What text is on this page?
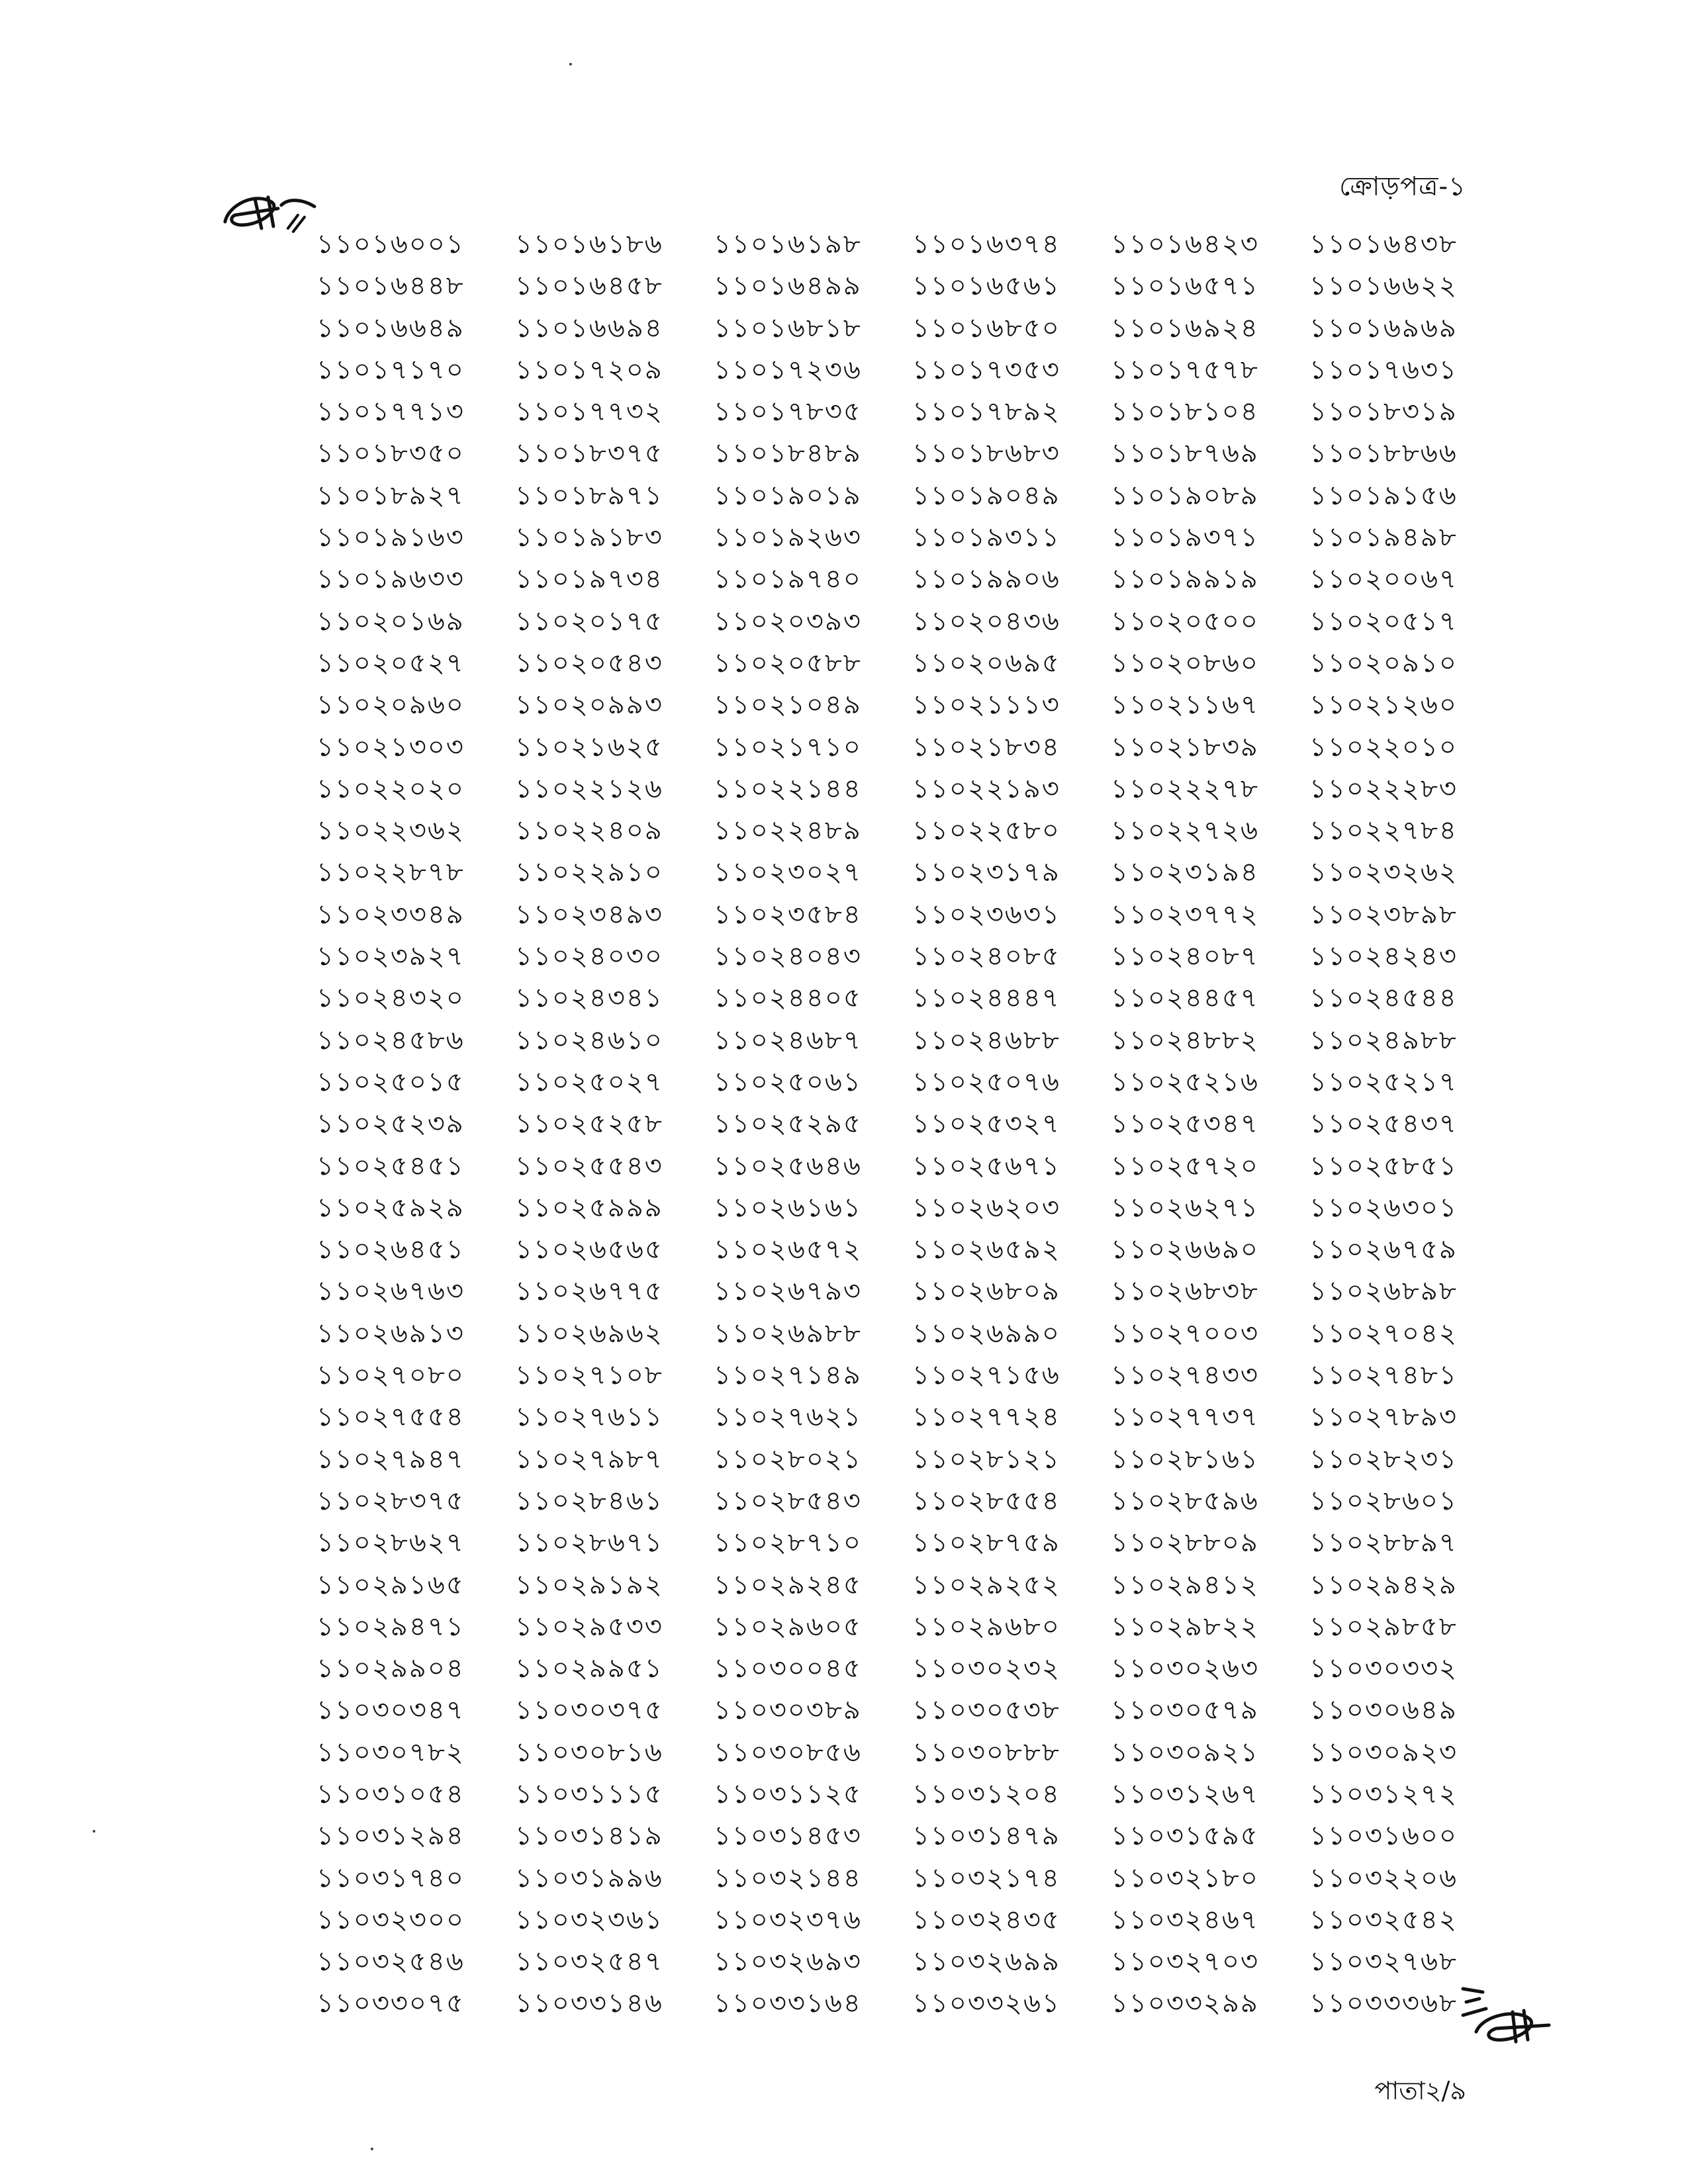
ক্রোড়পত্র-১
১১০১৬০০১	১১০১৬১৮৬	১১০১৬১৯৮	১১০১৬৩৭৪	১১০১৬৪২৩	১১০১৬৪৩৮
১১০১৬৪৪৮	১১০১৬৪৫৮	১১০১৬৪৯৯	১১০১৬৫৬১	১১০১৬৫৭১	১১০১৬৬২২
১১০১৬৬৪৯	১১০১৬৬৯৪	১১০১৬৮১৮	১১০১৬৮৫০	১১০১৬৯২৪	১১০১৬৯৬৯
১১০১৭১৭০	১১০১৭২০৯	১১০১৭২৩৬	১১০১৭৩৫৩	১১০১৭৫৭৮	১১০১৭৬৩১
১১০১৭৭১৩	১১০১৭৭৩২	১১০১৭৮৩৫	১১০১৭৮৯২	১১০১৮১০৪	১১০১৮৩১৯
১১০১৮৩৫০	১১০১৮৩৭৫	১১০১৮৪৮৯	১১০১৮৬৮৩	১১০১৮৭৬৯	১১০১৮৮৬৬
১১০১৮৯২৭	১১০১৮৯৭১	১১০১৯০১৯	১১০১৯০৪৯	১১০১৯০৮৯	১১০১৯১৫৬
১১০১৯১৬৩	১১০১৯১৮৩	১১০১৯২৬৩	১১০১৯৩১১	১১০১৯৩৭১	১১০১৯৪৯৮
১১০১৯৬৩৩	১১০১৯৭৩৪	১১০১৯৭৪০	১১০১৯৯০৬	১১০১৯৯১৯	১১০২০০৬৭
১১০২০১৬৯	১১০২০১৭৫	১১০২০৩৯৩	১১০২০৪৩৬	১১০২০৫০০	১১০২০৫১৭
১১০২০৫২৭	১১০২০৫৪৩	১১০২০৫৮৮	১১০২০৬৯৫	১১০২০৮৬০	১১০২০৯১০
১১০২০৯৬০	১১০২০৯৯৩	১১০২১০৪৯	১১০২১১১৩	১১০২১১৬৭	১১০২১২৬০
১১০২১৩০৩	১১০২১৬২৫	১১০২১৭১০	১১০২১৮৩৪	১১০২১৮৩৯	১১০২২০১০
১১০২২০২০	১১০২২১২৬	১১০২২১৪৪	১১০২২১৯৩	১১০২২২৭৮	১১০২২২৮৩
১১০২২৩৬২	১১০২২৪০৯	১১০২২৪৮৯	১১০২২৫৮০	১১০২২৭২৬	১১০২২৭৮৪
১১০২২৮৭৮	১১০২২৯১০	১১০২৩০২৭	১১০২৩১৭৯	১১০২৩১৯৪	১১০২৩২৬২
১১০২৩৩৪৯	১১০২৩৪৯৩	১১০২৩৫৮৪	১১০২৩৬৩১	১১০২৩৭৭২	১১০২৩৮৯৮
১১০২৩৯২৭	১১০২৪০৩০	১১০২৪০৪৩	১১০২৪০৮৫	১১০২৪০৮৭	১১০২৪২৪৩
১১০২৪৩২০	১১০২৪৩৪১	১১০২৪৪০৫	১১০২৪৪৪৭	১১০২৪৪৫৭	১১০২৪৫৪৪
১১০২৪৫৮৬	১১০২৪৬১০	১১০২৪৬৮৭	১১০২৪৬৮৮	১১০২৪৮৮২	১১০২৪৯৮৮
১১০২৫০১৫	১১০২৫০২৭	১১০২৫০৬১	১১০২৫০৭৬	১১০২৫২১৬	১১০২৫২১৭
১১০২৫২৩৯	১১০২৫২৫৮	১১০২৫২৯৫	১১০২৫৩২৭	১১০২৫৩৪৭	১১০২৫৪৩৭
১১০২৫৪৫১	১১০২৫৫৪৩	১১০২৫৬৪৬	১১০২৫৬৭১	১১০২৫৭২০	১১০২৫৮৫১
১১০২৫৯২৯	১১০২৫৯৯৯	১১০২৬১৬১	১১০২৬২০৩	১১০২৬২৭১	১১০২৬৩০১
১১০২৬৪৫১	১১০২৬৫৬৫	১১০২৬৫৭২	১১০২৬৫৯২	১১০২৬৬৯০	১১০২৬৭৫৯
১১০২৬৭৬৩	১১০২৬৭৭৫	১১০২৬৭৯৩	১১০২৬৮০৯	১১০২৬৮৩৮	১১০২৬৮৯৮
১১০২৬৯১৩	১১০২৬৯৬২	১১০২৬৯৮৮	১১০২৬৯৯০	১১০২৭০০৩	১১০২৭০৪২
১১০২৭০৮০	১১০২৭১০৮	১১০২৭১৪৯	১১০২৭১৫৬	১১০২৭৪৩৩	১১০২৭৪৮১
১১০২৭৫৫৪	১১০২৭৬১১	১১০২৭৬২১	১১০২৭৭২৪	১১০২৭৭৩৭	১১০২৭৮৯৩
১১০২৭৯৪৭	১১০২৭৯৮৭	১১০২৮০২১	১১০২৮১২১	১১০২৮১৬১	১১০২৮২৩১
১১০২৮৩৭৫	১১০২৮৪৬১	১১০২৮৫৪৩	১১০২৮৫৫৪	১১০২৮৫৯৬	১১০২৮৬০১
১১০২৮৬২৭	১১০২৮৬৭১	১১০২৮৭১০	১১০২৮৭৫৯	১১০২৮৮০৯	১১০২৮৮৯৭
১১০২৯১৬৫	১১০২৯১৯২	১১০২৯২৪৫	১১০২৯২৫২	১১০২৯৪১২	১১০২৯৪২৯
১১০২৯৪৭১	১১০২৯৫৩৩	১১০২৯৬০৫	১১০২৯৬৮০	১১০২৯৮২২	১১০২৯৮৫৮
১১০২৯৯০৪	১১০২৯৯৫১	১১০৩০০৪৫	১১০৩০২৩২	১১০৩০২৬৩	১১০৩০৩৩২
১১০৩০৩৪৭	১১০৩০৩৭৫	১১০৩০৩৮৯	১১০৩০৫৩৮	১১০৩০৫৭৯	১১০৩০৬৪৯
১১০৩০৭৮২	১১০৩০৮১৬	১১০৩০৮৫৬	১১০৩০৮৮৮	১১০৩০৯২১	১১০৩০৯২৩
১১০৩১০৫৪	১১০৩১১১৫	১১০৩১১২৫	১১০৩১২০৪	১১০৩১২৬৭	১১০৩১২৭২
১১০৩১২৯৪	১১০৩১৪১৯	১১০৩১৪৫৩	১১০৩১৪৭৯	১১০৩১৫৯৫	১১০৩১৬০০
১১০৩১৭৪০	১১০৩১৯৯৬	১১০৩২১৪৪	১১০৩২১৭৪	১১০৩২১৮০	১১০৩২২০৬
১১০৩২৩০০	১১০৩২৩৬১	১১০৩২৩৭৬	১১০৩২৪৩৫	১১০৩২৪৬৭	১১০৩২৫৪২
১১০৩২৫৪৬	১১০৩২৫৪৭	১১০৩২৬৯৩	১১০৩২৬৯৯	১১০৩২৭০৩	১১০৩২৭৬৮
১১০৩৩০৭৫	১১০৩৩১৪৬	১১০৩৩১৬৪	১১০৩৩২৬১	১১০৩৩২৯৯	১১০৩৩৩৬৮
পাতা২/৯
